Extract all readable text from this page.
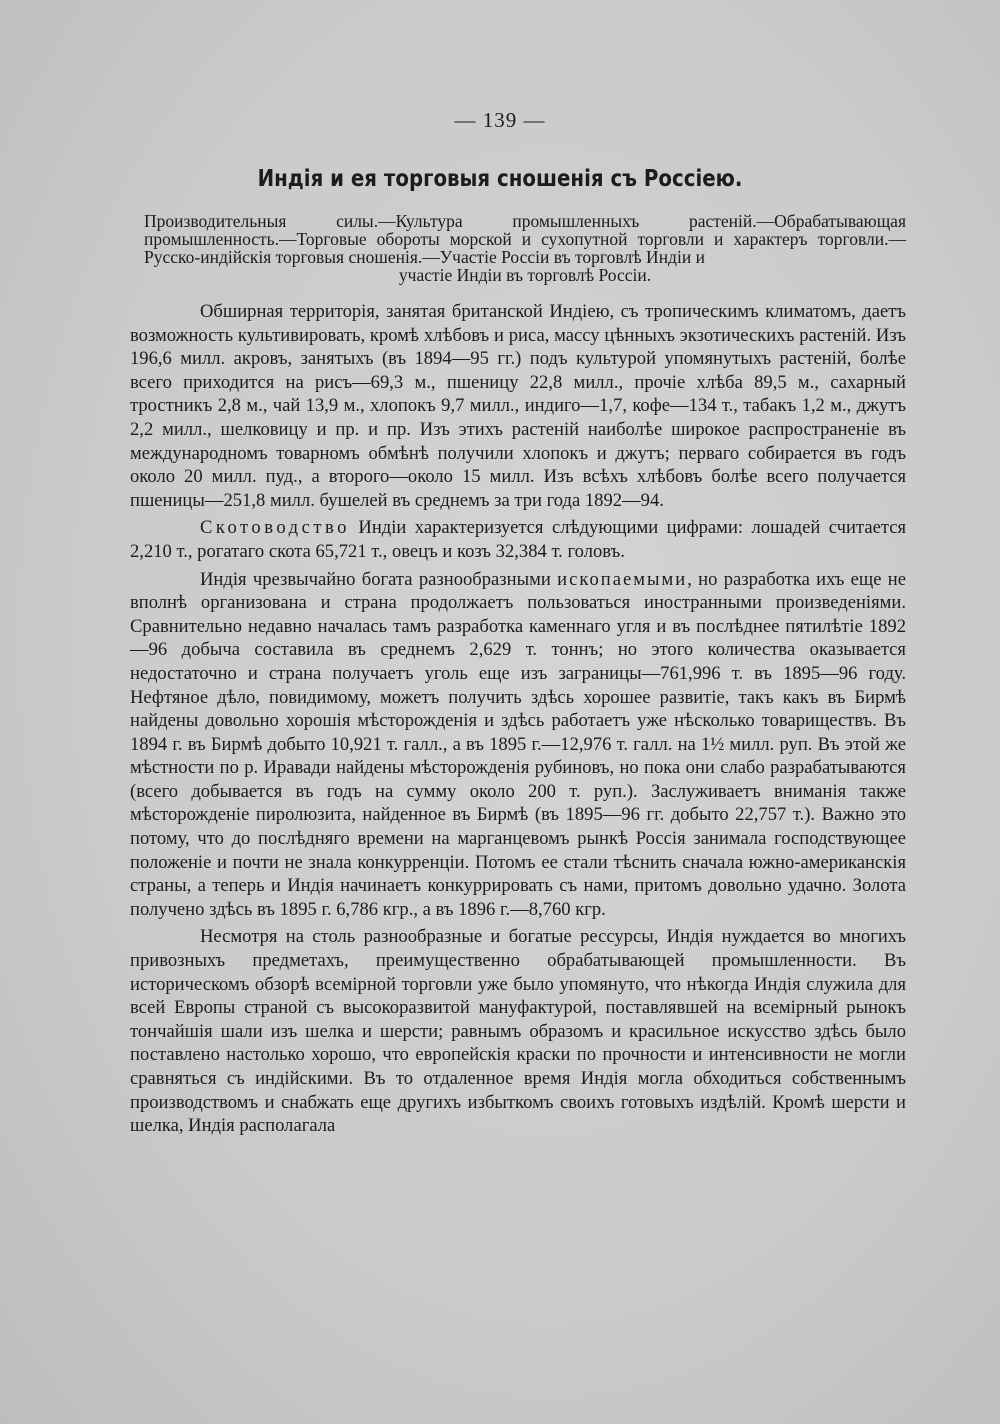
— 139 —
Индія и ея торговыя сношенія съ Россіею.
Производительныя силы.—Культура промышленныхъ растеній.—Обрабатывающая промышленность.—Торговые обороты морской и сухопутной торговли и характеръ торговли.—Русско-индійскія торговыя сношенія.—Участіе Россіи въ торговлѣ Индіи и
участіе Индіи въ торговлѣ Россіи.

Обширная территорія, занятая британской Индіею, съ тропическимъ климатомъ, даетъ возможность культивировать, кромѣ хлѣбовъ и риса, массу цѣнныхъ экзотическихъ растеній. Изъ 196,6 милл. акровъ, занятыхъ (въ 1894—95 гг.) подъ культурой упомянутыхъ растеній, болѣе всего приходится на рисъ—69,3 м., пшеницу 22,8 милл., прочіе хлѣба 89,5 м., сахарный тростникъ 2,8 м., чай 13,9 м., хлопокъ 9,7 милл., индиго—1,7, кофе—134 т., табакъ 1,2 м., джутъ 2,2 милл., шелковицу и пр. и пр. Изъ этихъ растеній наиболѣе широкое распространеніе въ международномъ товарномъ обмѣнѣ получили хлопокъ и джутъ; перваго собирается въ годъ около 20 милл. пуд., а второго—около 15 милл. Изъ всѣхъ хлѣбовъ болѣе всего получается пшеницы—251,8 милл. бушелей въ среднемъ за три года 1892—94.

Скотоводство Индіи характеризуется слѣдующими цифрами: лошадей считается 2,210 т., рогатаго скота 65,721 т., овецъ и козъ 32,384 т. головъ.

Индія чрезвычайно богата разнообразными ископаемыми, но разработка ихъ еще не вполнѣ организована и страна продолжаетъ пользоваться иностранными произведеніями. Сравнительно недавно началась тамъ разработка каменнаго угля и въ послѣднее пятилѣтіе 1892—96 добыча составила въ среднемъ 2,629 т. тоннъ; но этого количества оказывается недостаточно и страна получаетъ уголь еще изъ заграницы—761,996 т. въ 1895—96 году. Нефтяное дѣло, повидимому, можетъ получить здѣсь хорошее развитіе, такъ какъ въ Бирмѣ найдены довольно хорошія мѣсторожденія и здѣсь работаетъ уже нѣсколько товариществъ. Въ 1894 г. въ Бирмѣ добыто 10,921 т. галл., а въ 1895 г.—12,976 т. галл. на 1½ милл. руп. Въ этой же мѣстности по р. Иравади найдены мѣсторожденія рубиновъ, но пока они слабо разрабатываются (всего добывается въ годъ на сумму около 200 т. руп.). Заслуживаетъ вниманія также мѣсторожденіе пиролюзита, найденное въ Бирмѣ (въ 1895—96 гг. добыто 22,757 т.). Важно это потому, что до послѣдняго времени на марганцевомъ рынкѣ Россія занимала господствующее положеніе и почти не знала конкурренціи. Потомъ ее стали тѣснить сначала южно-американскія страны, а теперь и Индія начинаетъ конкуррировать съ нами, притомъ довольно удачно. Золота получено здѣсь въ 1895 г. 6,786 кгр., а въ 1896 г.—8,760 кгр.

Несмотря на столь разнообразные и богатые рессурсы, Индія нуждается во многихъ привозныхъ предметахъ, преимущественно обрабатывающей промышленности. Въ историческомъ обзорѣ всемірной торговли уже было упомянуто, что нѣкогда Индія служила для всей Европы страной съ высокоразвитой мануфактурой, поставлявшей на всемірный рынокъ тончайшія шали изъ шелка и шерсти; равнымъ образомъ и красильное искусство здѣсь было поставлено настолько хорошо, что европейскія краски по прочности и интенсивности не могли сравняться съ индійскими. Въ то отдаленное время Индія могла обходиться собственнымъ производствомъ и снабжать еще другихъ избыткомъ своихъ готовыхъ издѣлій. Кромѣ шерсти и шелка, Индія располагала
